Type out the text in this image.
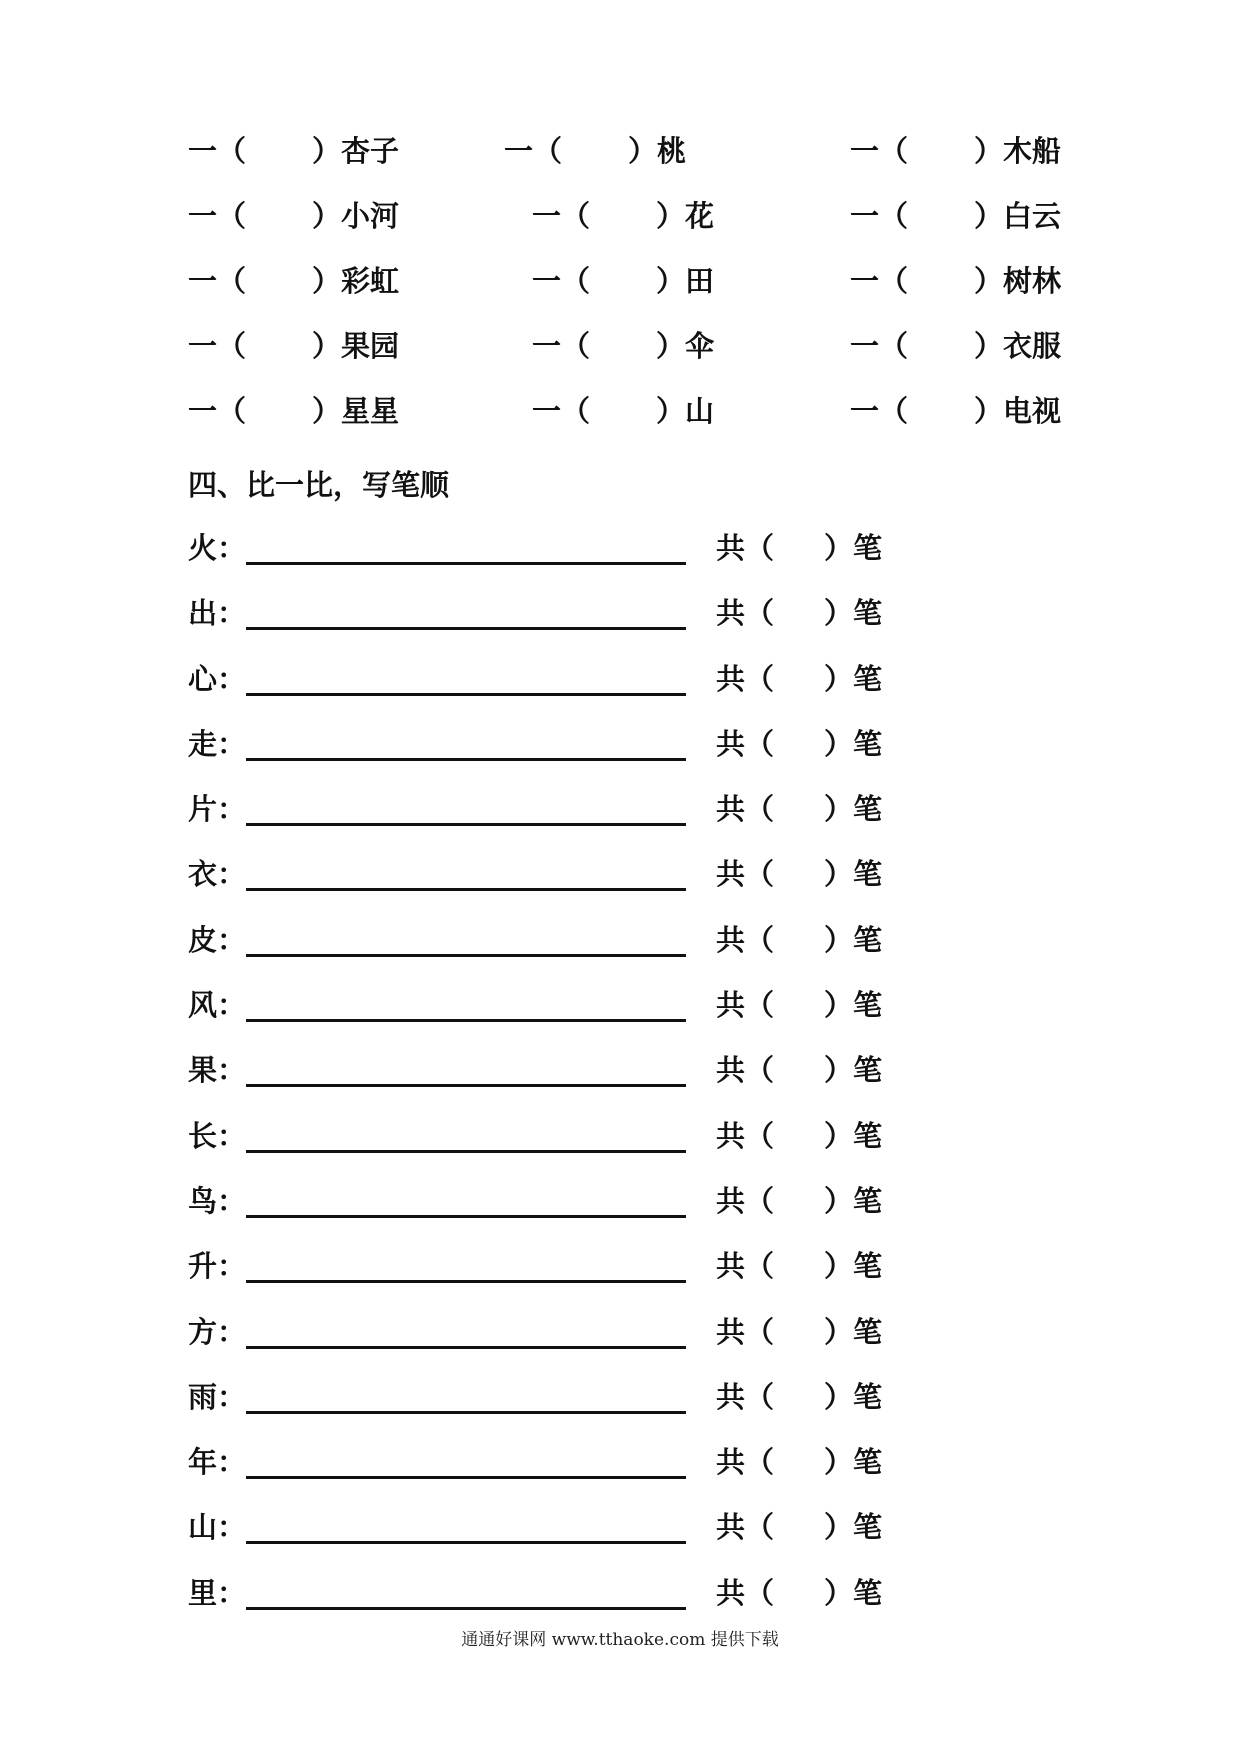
一（ ）杏子	一（ ）桃	一（ ）木船
一（ ）小河	一（ ）花	一（ ）白云
一（ ）彩虹	一（ ）田	一（ ）树林
一（ ）果园	一（ ）伞	一（ ）衣服
一（ ）星星	一（ ）山	一（ ）电视
四、比一比，写笔顺
火：	共（ ）笔
出：	共（ ）笔
心：	共（ ）笔
走：	共（ ）笔
片：	共（ ）笔
衣：	共（ ）笔
皮：	共（ ）笔
风：	共（ ）笔
果：	共（ ）笔
长：	共（ ）笔
鸟：	共（ ）笔
升：	共（ ）笔
方：	共（ ）笔
雨：	共（ ）笔
年：	共（ ）笔
山：	共（ ）笔
里：	共（ ）笔
通通好课网 www.tthaoke.com 提供下载
